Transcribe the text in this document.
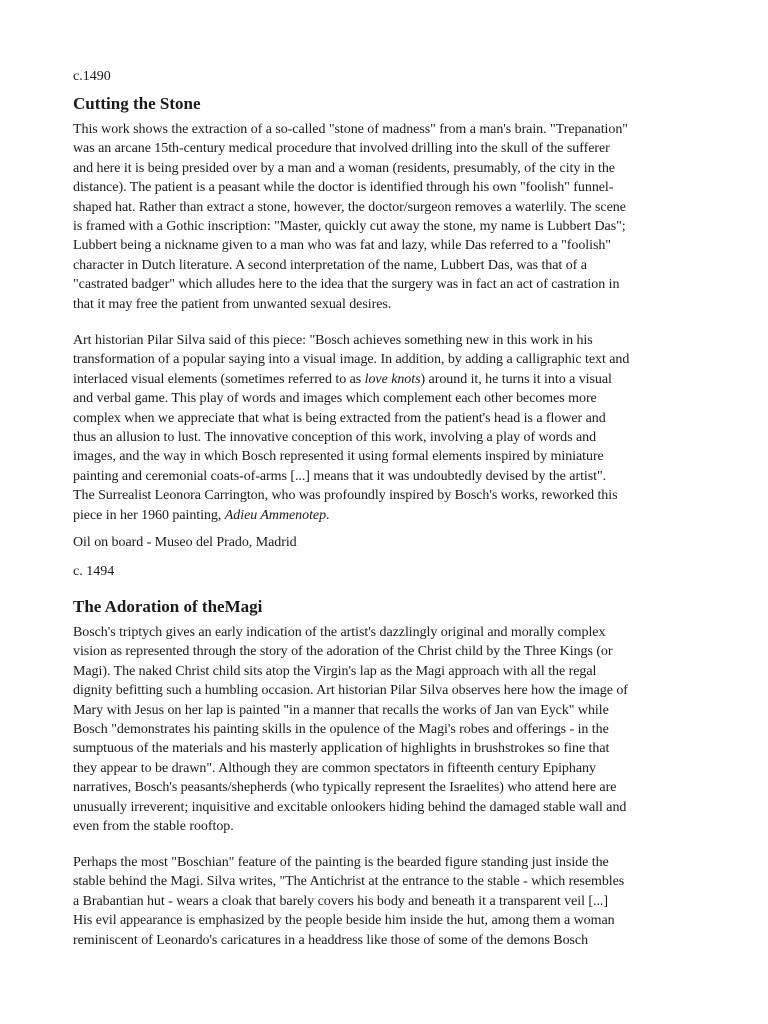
c.1490

Cutting the Stone
This work shows the extraction of a so-called "stone of madness" from a man's brain. "Trepanation"
was an arcane 15th-century medical procedure that involved drilling into the skull of the sufferer
and here it is being presided over by a man and a woman (residents, presumably, of the city in the
distance). The patient is a peasant while the doctor is identified through his own "foolish" funnel-
shaped hat. Rather than extract a stone, however, the doctor/surgeon removes a waterlily. The scene
is framed with a Gothic inscription: "Master, quickly cut away the stone, my name is Lubbert Das";
Lubbert being a nickname given to a man who was fat and lazy, while Das referred to a "foolish"
character in Dutch literature. A second interpretation of the name, Lubbert Das, was that of a
"castrated badger" which alludes here to the idea that the surgery was in fact an act of castration in
that it may free the patient from unwanted sexual desires.
Art historian Pilar Silva said of this piece: "Bosch achieves something new in this work in his
transformation of a popular saying into a visual image. In addition, by adding a calligraphic text and
interlaced visual elements (sometimes referred to as love knots) around it, he turns it into a visual
and verbal game. This play of words and images which complement each other becomes more
complex when we appreciate that what is being extracted from the patient's head is a flower and
thus an allusion to lust. The innovative conception of this work, involving a play of words and
images, and the way in which Bosch represented it using formal elements inspired by miniature
painting and ceremonial coats-of-arms [...] means that it was undoubtedly devised by the artist".
The Surrealist Leonora Carrington, who was profoundly inspired by Bosch's works, reworked this
piece in her 1960 painting, Adieu Ammenotep.

Oil on board - Museo del Prado, Madrid

c. 1494

The Adoration of theMagi
Bosch's triptych gives an early indication of the artist's dazzlingly original and morally complex
vision as represented through the story of the adoration of the Christ child by the Three Kings (or
Magi). The naked Christ child sits atop the Virgin's lap as the Magi approach with all the regal
dignity befitting such a humbling occasion. Art historian Pilar Silva observes here how the image of
Mary with Jesus on her lap is painted "in a manner that recalls the works of Jan van Eyck" while
Bosch "demonstrates his painting skills in the opulence of the Magi's robes and offerings - in the
sumptuous of the materials and his masterly application of highlights in brushstrokes so fine that
they appear to be drawn". Although they are common spectators in fifteenth century Epiphany
narratives, Bosch's peasants/shepherds (who typically represent the Israelites) who attend here are
unusually irreverent; inquisitive and excitable onlookers hiding behind the damaged stable wall and
even from the stable rooftop.
Perhaps the most "Boschian" feature of the painting is the bearded figure standing just inside the
stable behind the Magi. Silva writes, "The Antichrist at the entrance to the stable - which resembles
a Brabantian hut - wears a cloak that barely covers his body and beneath it a transparent veil [...]
His evil appearance is emphasized by the people beside him inside the hut, among them a woman
reminiscent of Leonardo's caricatures in a headdress like those of some of the demons Bosch
